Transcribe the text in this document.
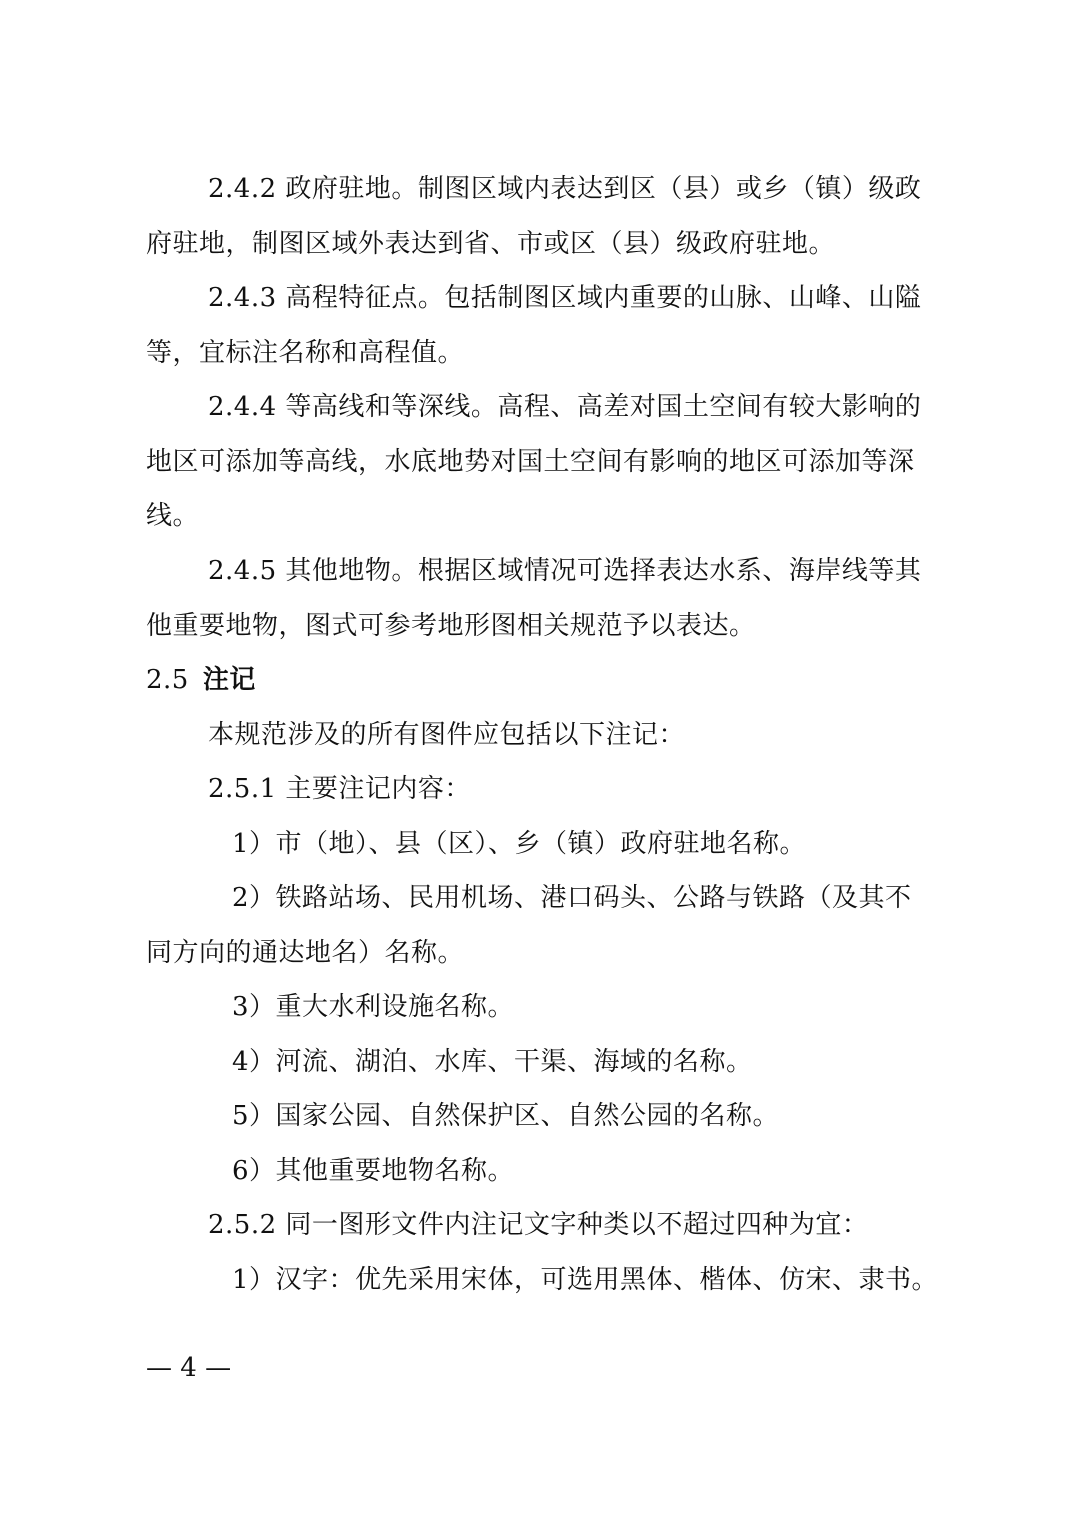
2.4.2 政府驻地。制图区域内表达到区（县）或乡（镇）级政
府驻地，制图区域外表达到省、市或区（县）级政府驻地。
2.4.3 高程特征点。包括制图区域内重要的山脉、山峰、山隘
等，宜标注名称和高程值。
2.4.4 等高线和等深线。高程、高差对国土空间有较大影响的
地区可添加等高线，水底地势对国土空间有影响的地区可添加等深
线。
2.4.5 其他地物。根据区域情况可选择表达水系、海岸线等其
他重要地物，图式可参考地形图相关规范予以表达。
2.5 注记
本规范涉及的所有图件应包括以下注记：
2.5.1 主要注记内容：
1）市（地）、县（区）、乡（镇）政府驻地名称。
2）铁路站场、民用机场、港口码头、公路与铁路（及其不
同方向的通达地名）名称。
3）重大水利设施名称。
4）河流、湖泊、水库、干渠、海域的名称。
5）国家公园、自然保护区、自然公园的名称。
6）其他重要地物名称。
2.5.2 同一图形文件内注记文字种类以不超过四种为宜：
1）汉字：优先采用宋体，可选用黑体、楷体、仿宋、隶书。
— 4 —
